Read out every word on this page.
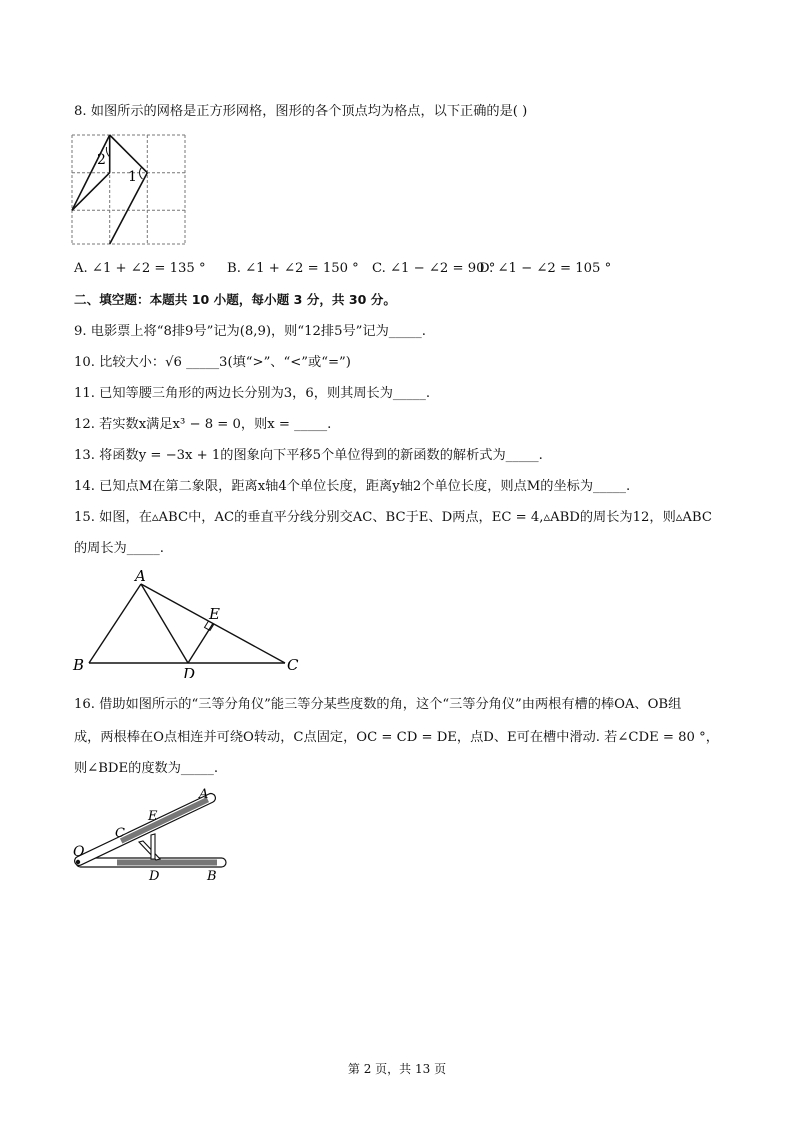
8. 如图所示的网格是正方形网格，图形的各个顶点均为格点，以下正确的是( )
2
1
A. ∠1 + ∠2 = 135 ° B. ∠1 + ∠2 = 150 ° C. ∠1 − ∠2 = 90 °
D. ∠1 − ∠2 = 105 °
二、填空题：本题共 10 小题，每小题 3 分，共 30 分。
9. 电影票上将“8排9号”记为(8,9)，则“12排5号”记为_____.
10. 比较大小：√6 _____3(填“>”、“<”或“=”)
11. 已知等腰三角形的两边长分别为3，6，则其周长为_____.
12. 若实数x满足x³ − 8 = 0，则x = _____.
13. 将函数y = −3x + 1的图象向下平移5个单位得到的新函数的解析式为_____.
14. 已知点M在第二象限，距离x轴4个单位长度，距离y轴2个单位长度，则点M的坐标为_____.
15. 如图，在▵ABC中，AC的垂直平分线分别交AC、BC于E、D两点，EC = 4,▵ABD的周长为12，则▵ABC
的周长为_____.
A
B	C
D
E
16. 借助如图所示的“三等分角仪”能三等分某些度数的角，这个“三等分角仪”由两根有槽的棒OA、OB组
成，两根棒在O点相连并可绕O转动，C点固定，OC = CD = DE，点D、E可在槽中滑动. 若∠CDE = 80 °，
则∠BDE的度数为_____.
O
A
C
E
D	B
第 2 页，共 13 页
